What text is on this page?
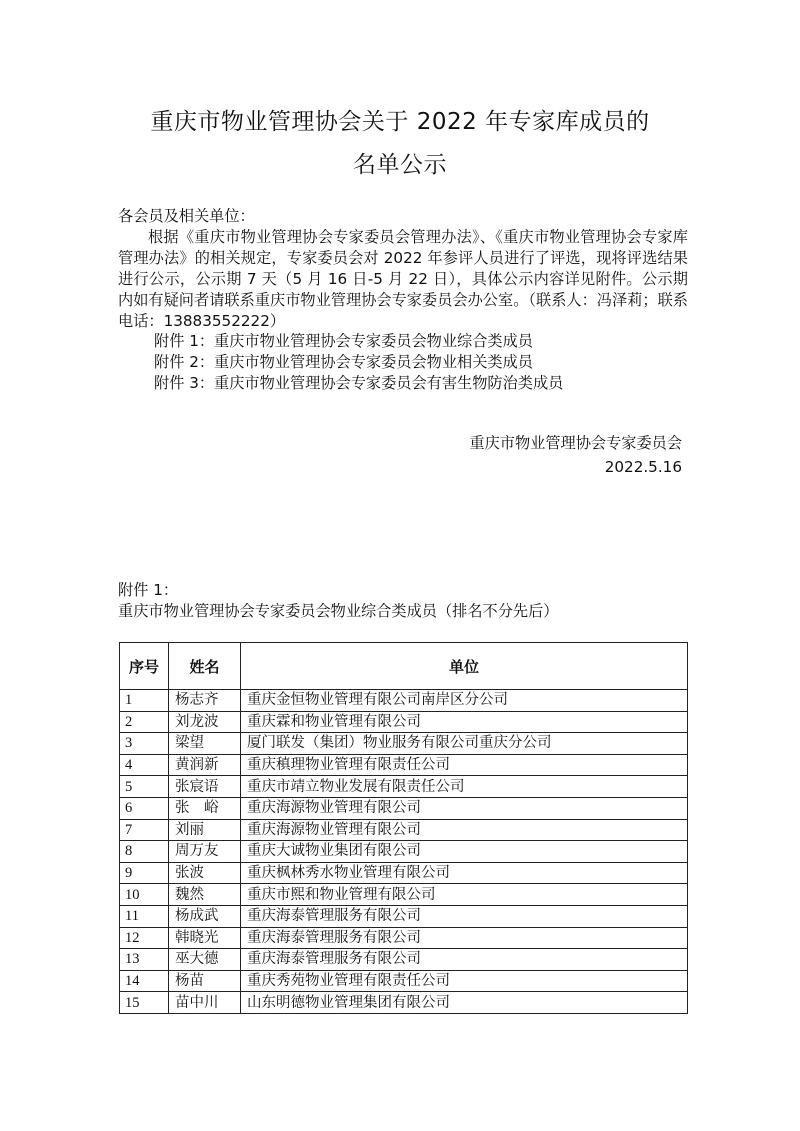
重庆市物业管理协会关于 2022 年专家库成员的
名单公示
各会员及相关单位：
根据《重庆市物业管理协会专家委员会管理办法》、《重庆市物业管理协会专家库管理办法》的相关规定，专家委员会对 2022 年参评人员进行了评选，现将评选结果进行公示，公示期 7 天（5 月 16 日-5 月 22 日），具体公示内容详见附件。公示期内如有疑问者请联系重庆市物业管理协会专家委员会办公室。（联系人：冯泽莉；联系电话：13883552222）
附件 1：重庆市物业管理协会专家委员会物业综合类成员
附件 2：重庆市物业管理协会专家委员会物业相关类成员
附件 3：重庆市物业管理协会专家委员会有害生物防治类成员
重庆市物业管理协会专家委员会
2022.5.16
附件 1：
重庆市物业管理协会专家委员会物业综合类成员（排名不分先后）
序号	姓名	单位
1	杨志齐	重庆金恒物业管理有限公司南岸区分公司
2	刘龙波	重庆霖和物业管理有限公司
3	梁望	厦门联发（集团）物业服务有限公司重庆分公司
4	黄润新	重庆稹理物业管理有限责任公司
5	张宸语	重庆市靖立物业发展有限责任公司
6	张　峪	重庆海源物业管理有限公司
7	刘丽	重庆海源物业管理有限公司
8	周万友	重庆大诚物业集团有限公司
9	张波	重庆枫林秀水物业管理有限公司
10	魏然	重庆市熙和物业管理有限公司
11	杨成武	重庆海泰管理服务有限公司
12	韩晓光	重庆海泰管理服务有限公司
13	巫大德	重庆海泰管理服务有限公司
14	杨苗	重庆秀苑物业管理有限责任公司
15	苗中川	山东明德物业管理集团有限公司
